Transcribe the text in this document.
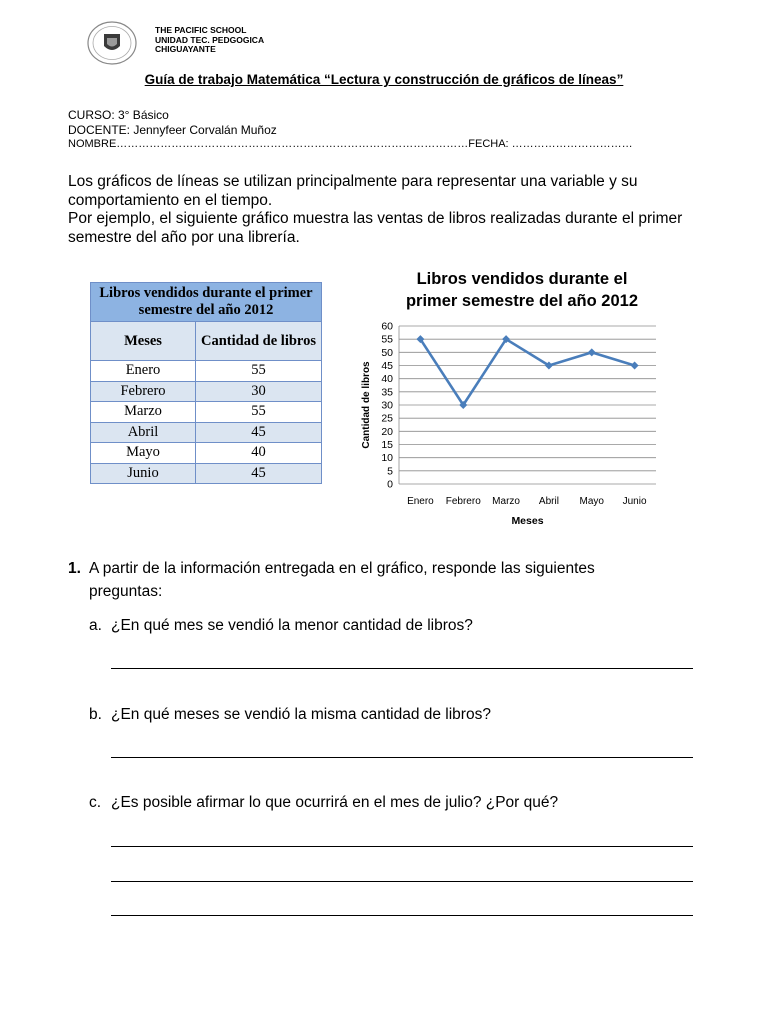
THE PACIFIC SCHOOL
UNIDAD TEC. PEDGOGICA
CHIGUAYANTE
Guía de trabajo Matemática “Lectura y construcción de gráficos de líneas”
CURSO: 3° Básico
DOCENTE: Jennyfeer Corvalán Muñoz
NOMBRE……………………………………………………………………………………FECHA: ……………………………
Los gráficos de líneas se utilizan principalmente para representar una variable y su comportamiento en el tiempo.
Por ejemplo, el siguiente gráfico muestra las ventas de libros realizadas durante el primer semestre del año por una librería.
Libros vendidos durante el primer semestre del año 2012	
Meses	Cantidad de libros
Enero	55
Febrero	30
Marzo	55
Abril	45
Mayo	40
Junio	45
Libros vendidos durante el
primer semestre del año 2012
0
5
10
15
20
25
30
35
40
45
50
55
60
Enero Febrero Marzo Abril Mayo Junio
Cantidad de libros
Meses
1. A partir de la información entregada en el gráfico, responde las siguientes preguntas:
a. ¿En qué mes se vendió la menor cantidad de libros?
b. ¿En qué meses se vendió la misma cantidad de libros?
c. ¿Es posible afirmar lo que ocurrirá en el mes de julio? ¿Por qué?
